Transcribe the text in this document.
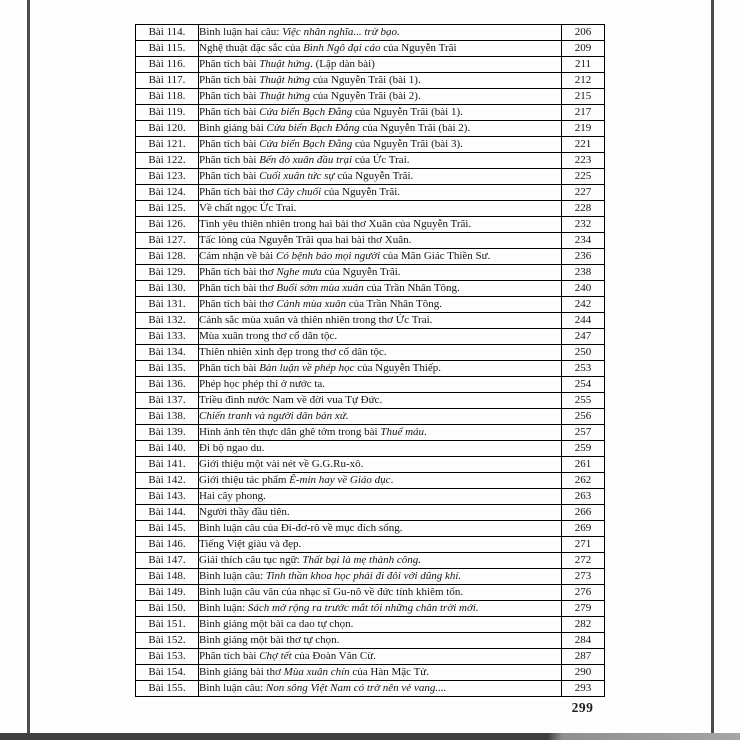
Bài 114.	Bình luận hai câu: Việc nhân nghĩa... trừ bạo.	206
Bài 115.	Nghệ thuật đặc sắc của Bình Ngô đại cáo của Nguyễn Trãi	209
Bài 116.	Phân tích bài Thuật hứng. (Lập dàn bài)	211
Bài 117.	Phân tích bài Thuật hứng của Nguyễn Trãi (bài 1).	212
Bài 118.	Phân tích bài Thuật hứng của Nguyễn Trãi (bài 2).	215
Bài 119.	Phân tích bài Cửa biển Bạch Đằng của Nguyễn Trãi (bài 1).	217
Bài 120.	Bình giảng bài Cửa biển Bạch Đằng của Nguyễn Trãi (bài 2).	219
Bài 121.	Phân tích bài Cửa biển Bạch Đằng của Nguyễn Trãi (bài 3).	221
Bài 122.	Phân tích bài Bến đò xuân đầu trại của Ức Trai.	223
Bài 123.	Phân tích bài Cuối xuân tức sự của Nguyễn Trãi.	225
Bài 124.	Phân tích bài thơ Cây chuối của Nguyễn Trãi.	227
Bài 125.	Về chất ngọc Ức Trai.	228
Bài 126.	Tình yêu thiên nhiên trong hai bài thơ Xuân của Nguyễn Trãi.	232
Bài 127.	Tấc lòng của Nguyễn Trãi qua hai bài thơ Xuân.	234
Bài 128.	Cảm nhận về bài Có bệnh bảo mọi người của Mãn Giác Thiền Sư.	236
Bài 129.	Phân tích bài thơ Nghe mưa của Nguyễn Trãi.	238
Bài 130.	Phân tích bài thơ Buổi sớm mùa xuân của Trần Nhân Tông.	240
Bài 131.	Phân tích bài thơ Cảnh mùa xuân của Trần Nhân Tông.	242
Bài 132.	Cảnh sắc mùa xuân và thiên nhiên trong thơ Ức Trai.	244
Bài 133.	Mùa xuân trong thơ cổ dân tộc.	247
Bài 134.	Thiên nhiên xinh đẹp trong thơ cổ dân tộc.	250
Bài 135.	Phân tích bài Bàn luận về phép học của Nguyễn Thiếp.	253
Bài 136.	Phép học phép thi ở nước ta.	254
Bài 137.	Triều đình nước Nam về đời vua Tự Đức.	255
Bài 138.	Chiến tranh và người dân bản xứ.	256
Bài 139.	Hình ảnh tên thực dân ghê tởm trong bài Thuế máu.	257
Bài 140.	Đi bộ ngao du.	259
Bài 141.	Giới thiệu một vài nét về G.G.Ru-xô.	261
Bài 142.	Giới thiệu tác phẩm Ê-min hay về Giáo dục.	262
Bài 143.	Hai cây phong.	263
Bài 144.	Người thầy đầu tiên.	266
Bài 145.	Bình luận câu của Đi-đơ-rô về mục đích sống.	269
Bài 146.	Tiếng Việt giàu và đẹp.	271
Bài 147.	Giải thích câu tục ngữ: Thất bại là mẹ thành công.	272
Bài 148.	Bình luận câu: Tinh thần khoa học phải đi đôi với dũng khí.	273
Bài 149.	Bình luận câu văn của nhạc sĩ Gu-nô về đức tính khiêm tốn.	276
Bài 150.	Bình luận: Sách mở rộng ra trước mắt tôi những chân trời mới.	279
Bài 151.	Bình giảng một bài ca dao tự chọn.	282
Bài 152.	Bình giảng một bài thơ tự chọn.	284
Bài 153.	Phân tích bài Chợ tết của Đoàn Văn Cừ.	287
Bài 154.	Bình giảng bài thơ Mùa xuân chín của Hàn Mặc Tử.	290
Bài 155.	Bình luận câu: Non sông Việt Nam có trở nên vẻ vang....	293
299
